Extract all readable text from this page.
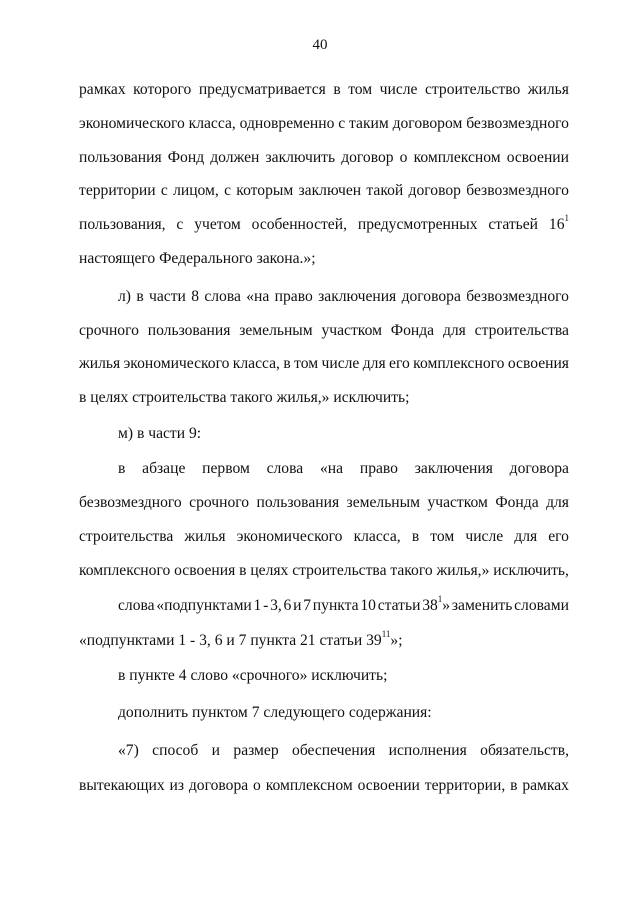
40
рамках которого предусматривается в том числе строительство жилья
экономического класса, одновременно с таким договором безвозмездного
пользования Фонд должен заключить договор о комплексном освоении
территории с лицом, с которым заключен такой договор безвозмездного
пользования, с учетом особенностей, предусмотренных статьей $16^1$
настоящего Федерального закона.»;
л) в части 8 слова «на право заключения договора безвозмездного
срочного пользования земельным участком Фонда для строительства
жилья экономического класса, в том числе для его комплексного освоения
в целях строительства такого жилья,» исключить;
м) в части 9:
в абзаце первом слова «на право заключения договора
безвозмездного срочного пользования земельным участком Фонда для
строительства жилья экономического класса, в том числе для его
комплексного освоения в целях строительства такого жилья,» исключить,
слова «подпунктами 1 - 3, 6 и 7 пункта 10 статьи $38^1$» заменить словами
«подпунктами 1 - 3, 6 и 7 пункта 21 статьи $39^{11}$»;
в пункте 4 слово «срочного» исключить;
дополнить пунктом 7 следующего содержания:
«7) способ и размер обеспечения исполнения обязательств,
вытекающих из договора о комплексном освоении территории, в рамках
